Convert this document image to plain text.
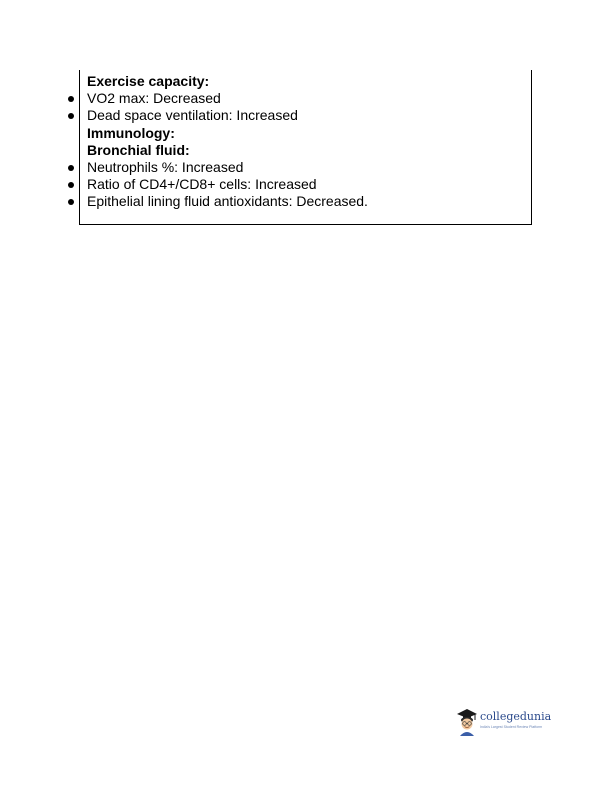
Exercise capacity:
VO2 max: Decreased
Dead space ventilation: Increased
Immunology:
Bronchial fluid:
Neutrophils %: Increased
Ratio of CD4+/CD8+ cells: Increased
Epithelial lining fluid antioxidants: Decreased.
collegedunia
India's Largest Student Review Platform
